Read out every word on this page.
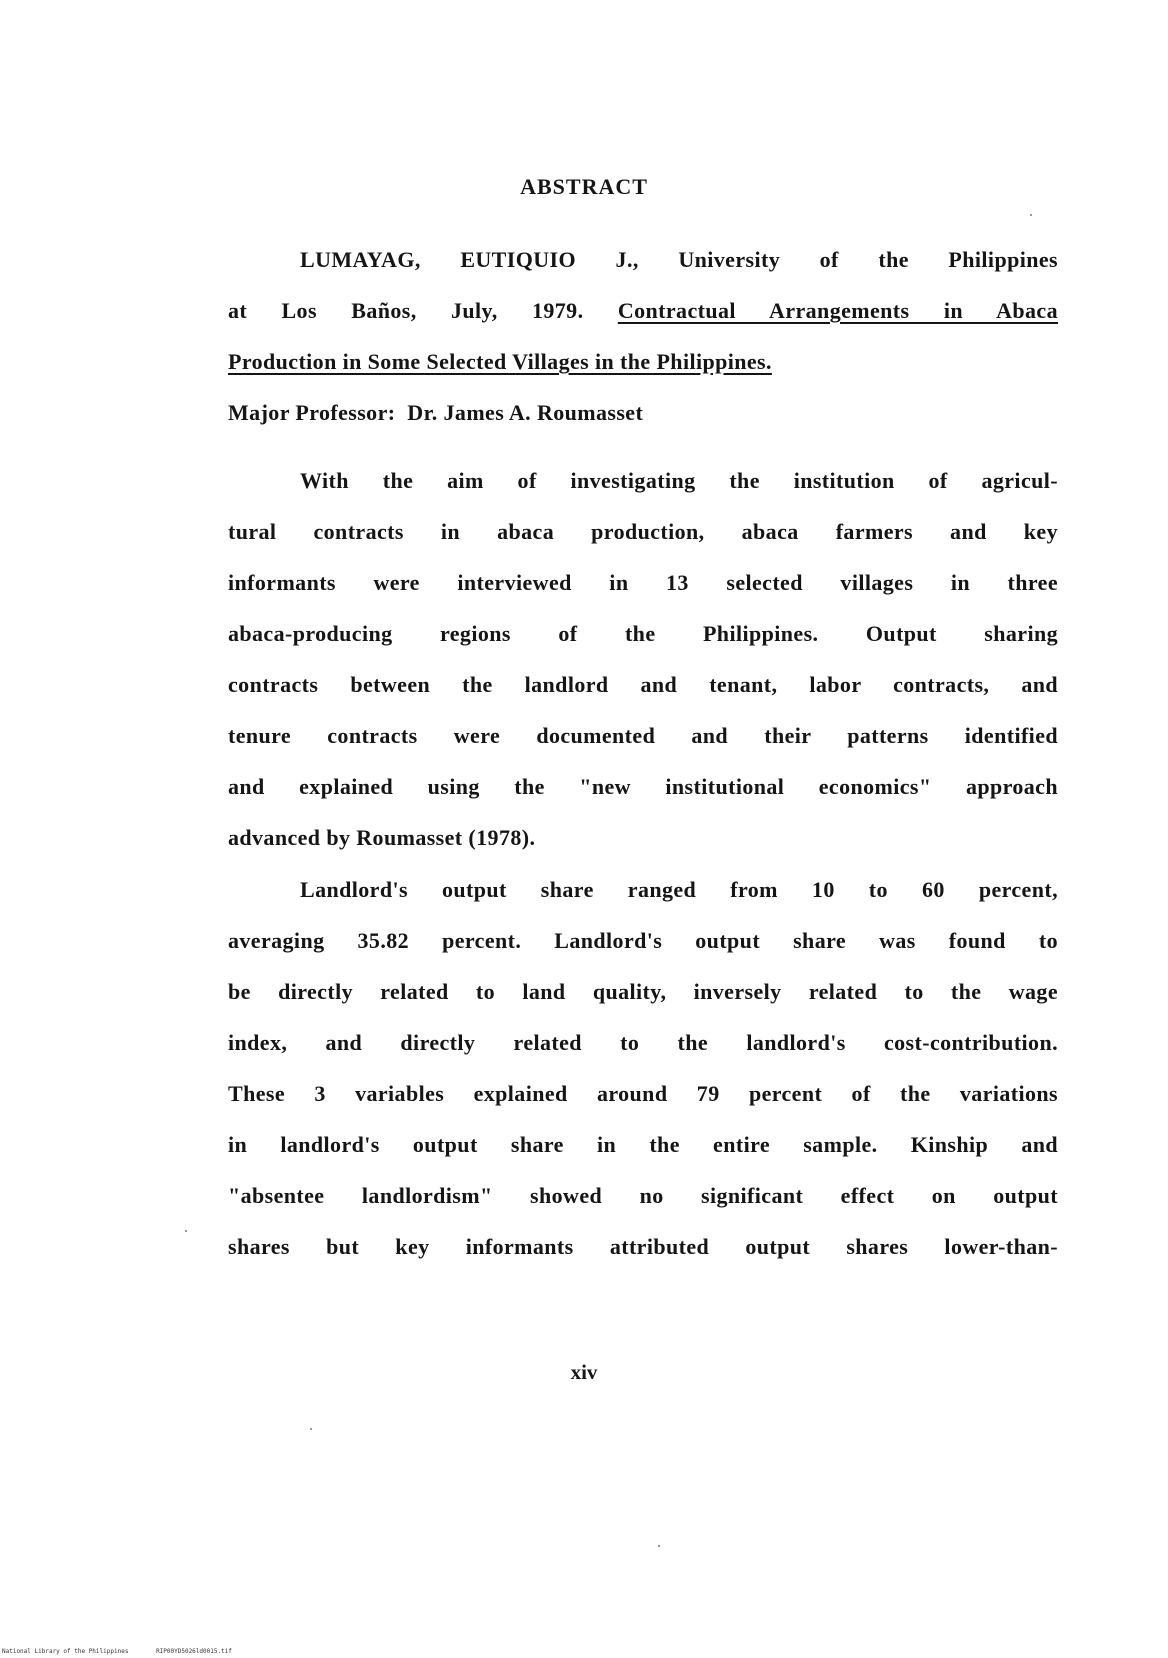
ABSTRACT
LUMAYAG, EUTIQUIO J., University of the Philippines
at Los Baños, July, 1979. Contractual Arrangements in Abaca
Production in Some Selected Villages in the Philippines.
Major Professor: Dr. James A. Roumasset
With the aim of investigating the institution of agricul-
tural contracts in abaca production, abaca farmers and key
informants were interviewed in 13 selected villages in three
abaca-producing regions of the Philippines. Output sharing
contracts between the landlord and tenant, labor contracts, and
tenure contracts were documented and their patterns identified
and explained using the "new institutional economics" approach
advanced by Roumasset (1978).
Landlord's output share ranged from 10 to 60 percent,
averaging 35.82 percent. Landlord's output share was found to
be directly related to land quality, inversely related to the wage
index, and directly related to the landlord's cost-contribution.
These 3 variables explained around 79 percent of the variations
in landlord's output share in the entire sample. Kinship and
"absentee landlordism" showed no significant effect on output
shares but key informants attributed output shares lower-than-
xiv
National Library of the Philippines	RIP00YD5026ld0015.tif
